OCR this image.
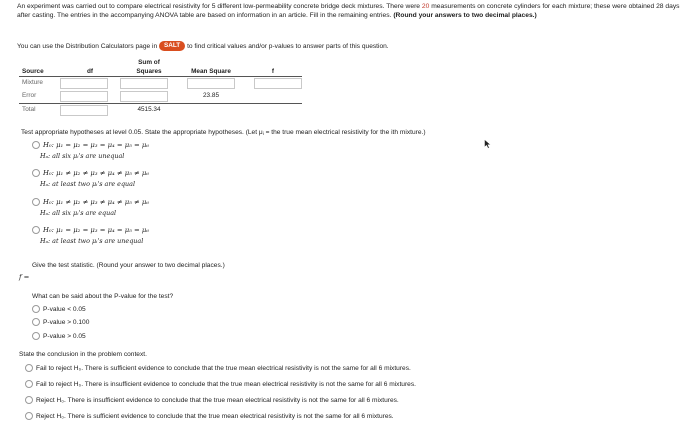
An experiment was carried out to compare electrical resistivity for 5 different low-permeability concrete bridge deck mixtures. There were 20 measurements on concrete cylinders for each mixture; these were obtained 28 days after casting. The entries in the accompanying ANOVA table are based on information in an article. Fill in the remaining entries. (Round your answers to two decimal places.)
You can use the Distribution Calculators page in SALT to find critical values and/or p-values to answer parts of this question.
Source	df	Sum of
Squares	Mean Square	f
Mixture				
Error			23.85	
Total		4515.34		
Test appropriate hypotheses at level 0.05. State the appropriate hypotheses. (Let $\mu_i$ = the true mean electrical resistivity for the ith mixture.)
H₀: μ₁ = μ₂ = μ₃ = μ₄ = μ₅ = μ₆
Hₐ: all six μᵢ's are unequal
H₀: μ₁ ≠ μ₂ ≠ μ₃ ≠ μ₄ ≠ μ₅ ≠ μ₆
Hₐ: at least two μᵢ's are equal
H₀: μ₁ ≠ μ₂ ≠ μ₃ ≠ μ₄ ≠ μ₅ ≠ μ₆
Hₐ: all six μᵢ's are equal
H₀: μ₁ = μ₂ = μ₃ = μ₄ = μ₅ = μ₆
Hₐ: at least two μᵢ's are unequal
Give the test statistic. (Round your answer to two decimal places.)
f =
What can be said about the P-value for the test?
P-value < 0.05
P-value > 0.100
P-value > 0.05
State the conclusion in the problem context.
Fail to reject H₀. There is sufficient evidence to conclude that the true mean electrical resistivity is not the same for all 6 mixtures.
Fail to reject H₀. There is insufficient evidence to conclude that the true mean electrical resistivity is not the same for all 6 mixtures.
Reject H₀. There is insufficient evidence to conclude that the true mean electrical resistivity is not the same for all 6 mixtures.
Reject H₀. There is sufficient evidence to conclude that the true mean electrical resistivity is not the same for all 6 mixtures.
